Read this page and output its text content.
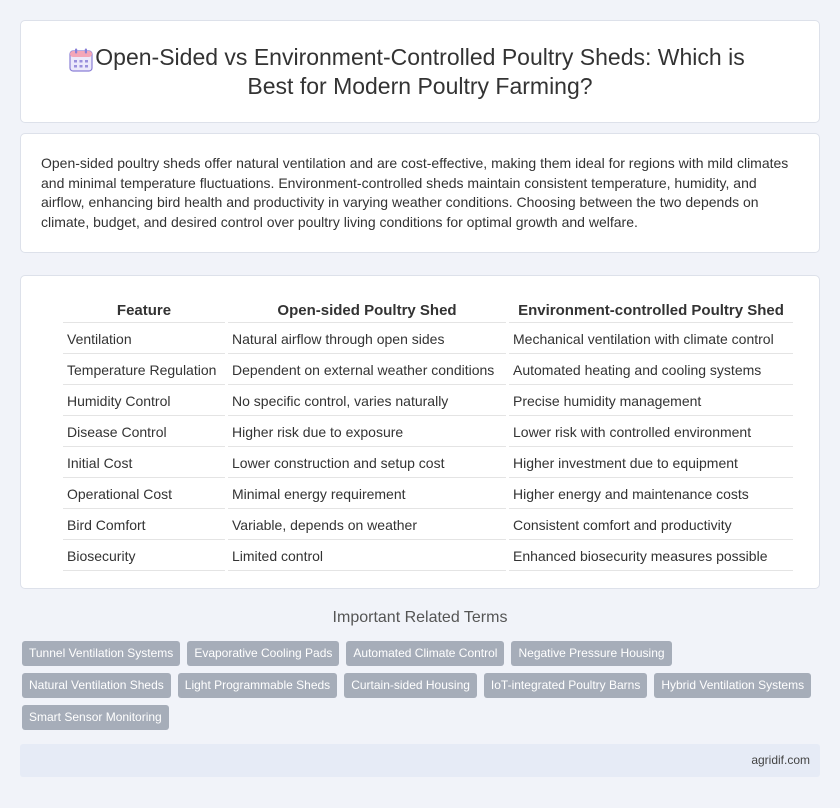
Open-Sided vs Environment-Controlled Poultry Sheds: Which is Best for Modern Poultry Farming?

Open-sided poultry sheds offer natural ventilation and are cost-effective, making them ideal for regions with mild climates and minimal temperature fluctuations. Environment-controlled sheds maintain consistent temperature, humidity, and airflow, enhancing bird health and productivity in varying weather conditions. Choosing between the two depends on climate, budget, and desired control over poultry living conditions for optimal growth and welfare.

Feature	Open-sided Poultry Shed	Environment-controlled Poultry Shed
Ventilation	Natural airflow through open sides	Mechanical ventilation with climate control
Temperature Regulation	Dependent on external weather conditions	Automated heating and cooling systems
Humidity Control	No specific control, varies naturally	Precise humidity management
Disease Control	Higher risk due to exposure	Lower risk with controlled environment
Initial Cost	Lower construction and setup cost	Higher investment due to equipment
Operational Cost	Minimal energy requirement	Higher energy and maintenance costs
Bird Comfort	Variable, depends on weather	Consistent comfort and productivity
Biosecurity	Limited control	Enhanced biosecurity measures possible
Important Related Terms
Tunnel Ventilation Systems	Evaporative Cooling Pads	Automated Climate Control	Negative Pressure Housing
Natural Ventilation Sheds	Light Programmable Sheds	Curtain-sided Housing	IoT-integrated Poultry Barns	Hybrid Ventilation Systems
Smart Sensor Monitoring
agridif.com
